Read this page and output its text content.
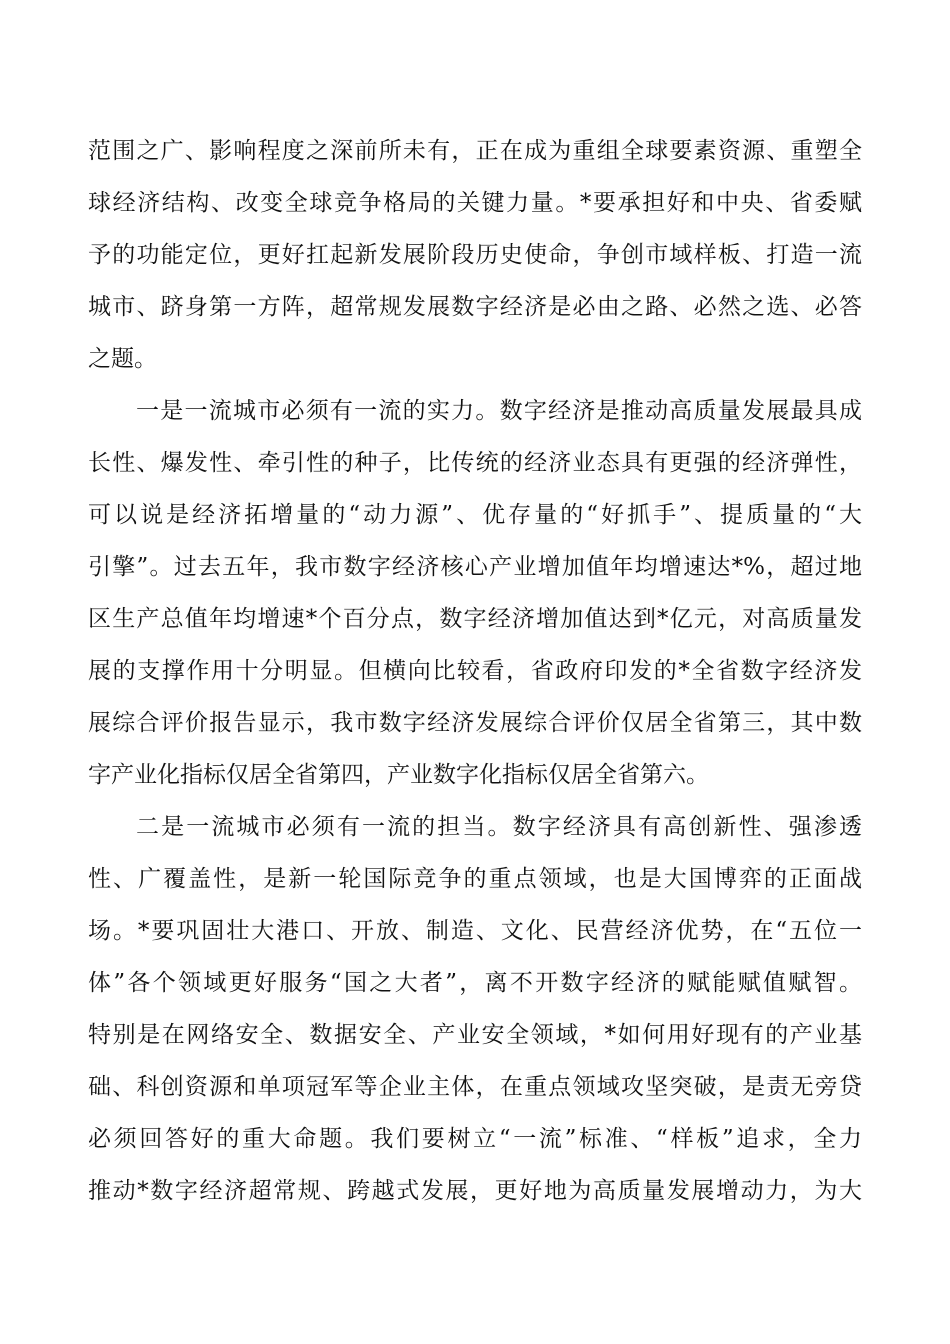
范围之广、影响程度之深前所未有，正在成为重组全球要素资源、重塑全
球经济结构、改变全球竞争格局的关键力量。*要承担好和中央、省委赋
予的功能定位，更好扛起新发展阶段历史使命，争创市域样板、打造一流
城市、跻身第一方阵，超常规发展数字经济是必由之路、必然之选、必答
之题。
一是一流城市必须有一流的实力。数字经济是推动高质量发展最具成
长性、爆发性、牵引性的种子，比传统的经济业态具有更强的经济弹性，
可以说是经济拓增量的“动力源”、优存量的“好抓手”、提质量的“大
引擎”。过去五年，我市数字经济核心产业增加值年均增速达*%，超过地
区生产总值年均增速*个百分点，数字经济增加值达到*亿元，对高质量发
展的支撑作用十分明显。但横向比较看，省政府印发的*全省数字经济发
展综合评价报告显示，我市数字经济发展综合评价仅居全省第三，其中数
字产业化指标仅居全省第四，产业数字化指标仅居全省第六。
二是一流城市必须有一流的担当。数字经济具有高创新性、强渗透
性、广覆盖性，是新一轮国际竞争的重点领域，也是大国博弈的正面战
场。*要巩固壮大港口、开放、制造、文化、民营经济优势，在“五位一
体”各个领域更好服务“国之大者”，离不开数字经济的赋能赋值赋智。
特别是在网络安全、数据安全、产业安全领域，*如何用好现有的产业基
础、科创资源和单项冠军等企业主体，在重点领域攻坚突破，是责无旁贷
必须回答好的重大命题。我们要树立“一流”标准、“样板”追求，全力
推动*数字经济超常规、跨越式发展，更好地为高质量发展增动力，为大
